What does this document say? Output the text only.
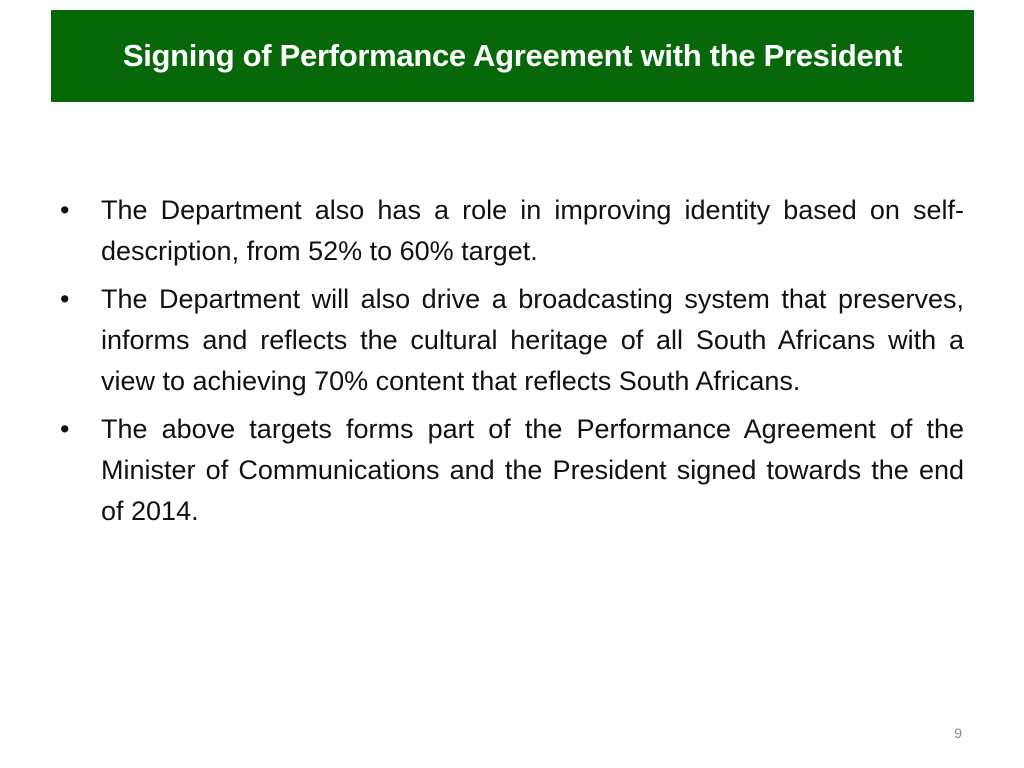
Signing of Performance Agreement with the President
• The Department also has a role in improving identity based on self-description, from 52% to 60% target.
• The Department will also drive a broadcasting system that preserves, informs and reflects the cultural heritage of all South Africans with a view to achieving 70% content that reflects South Africans.
• The above targets forms part of the Performance Agreement of the Minister of Communications and the President signed towards the end of 2014.
9
